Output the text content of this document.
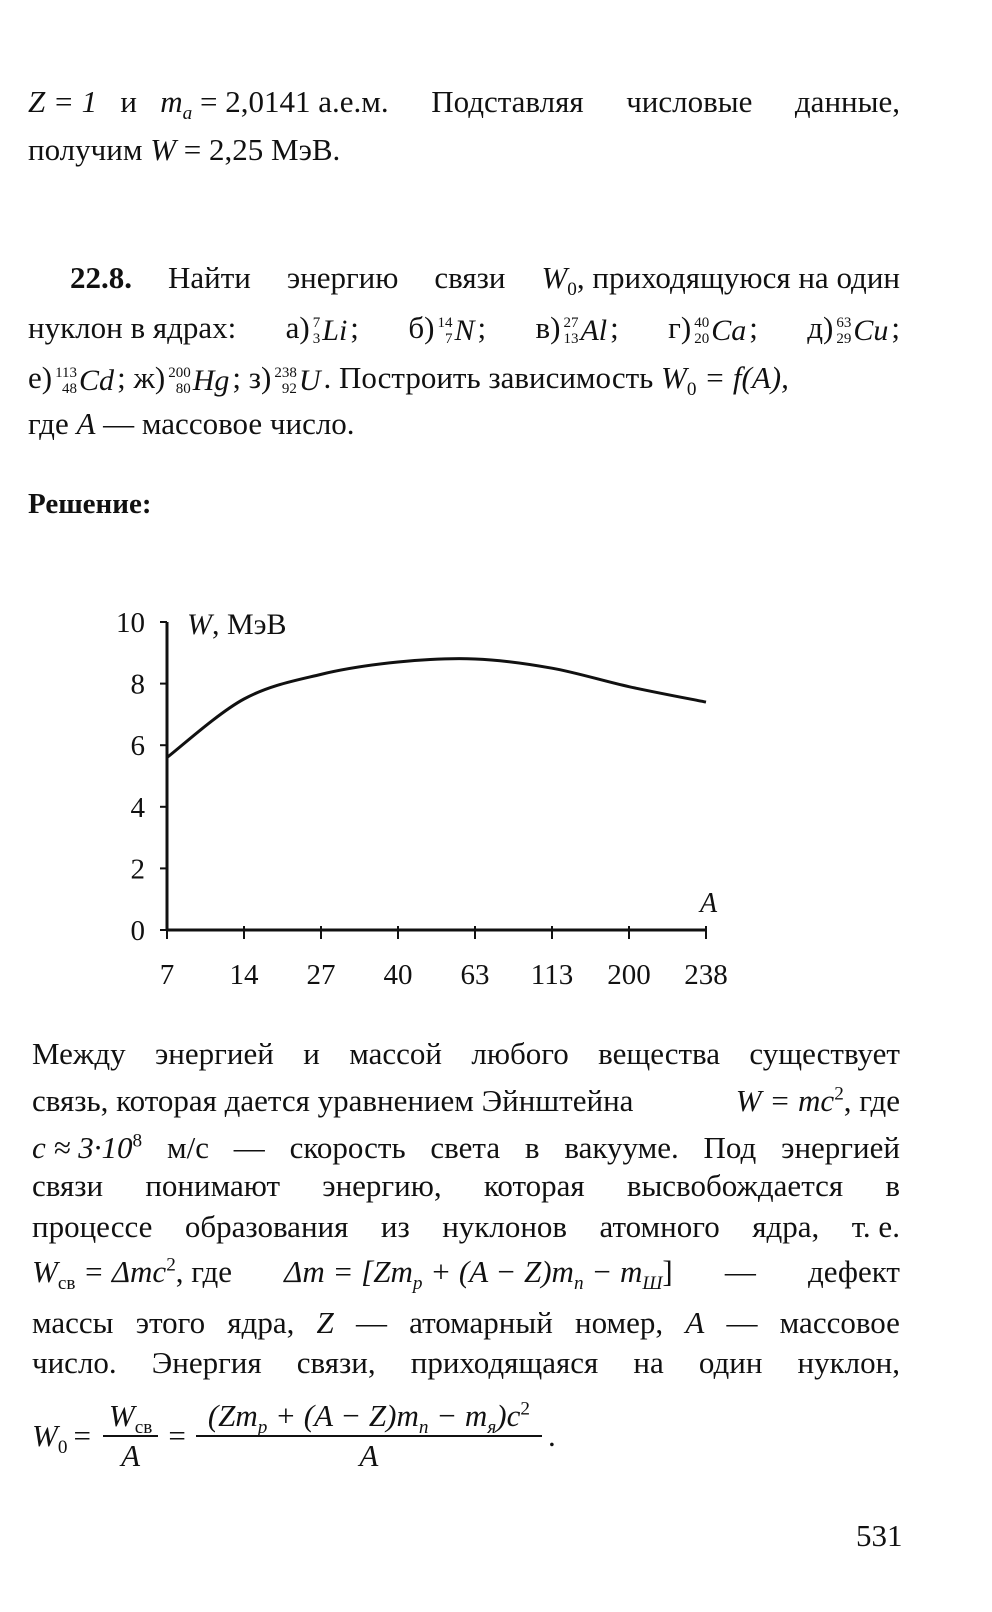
Z = 1 и $m_a = 2,0141$ а.е.м. Подставляя числовые данные,
получим W = 2,25 МэВ.
22.8. Найти энергию связи $W_0$, приходящуюся на один
нуклон в ядрах: а) 7
3 Li ; б) 14
7 N ; в) 27
13 Al ; г) 40
20 Ca ; д) 63
29 Cu ;
е) 113
48 Cd ; ж) 200
80 Hg ; з) 238
92 U . Построить зависимость $W_0 = f(A)$,
где A — массовое число.
Решение:
0
2
4
6
8
10
7 14 27 40 63 113 200 238
W, МэВ
A
Между энергией и массой любого вещества существует
связь, которая дается уравнением Эйнштейна	$W = mc^2$, где
$c \approx 3\cdot 10^8$ м/с — скорость света в вакууме. Под энергией
связи понимают энергию, которая высвобождается в
процессе образования из нуклонов атомного ядра, т. е.
$W_{св} = \Delta mc^2$, где $\Delta m = [Zm_p + (A - Z)m_n - m_Ш]$ — дефект
массы этого ядра, Z — атомарный номер, A — массовое
число. Энергия связи, приходящаяся на один нуклон,
$W_0 = \frac{W_{св}}{A} = \frac{(Zm_p + (A - Z)m_n - m_я)c^2}{A}$ .
531
